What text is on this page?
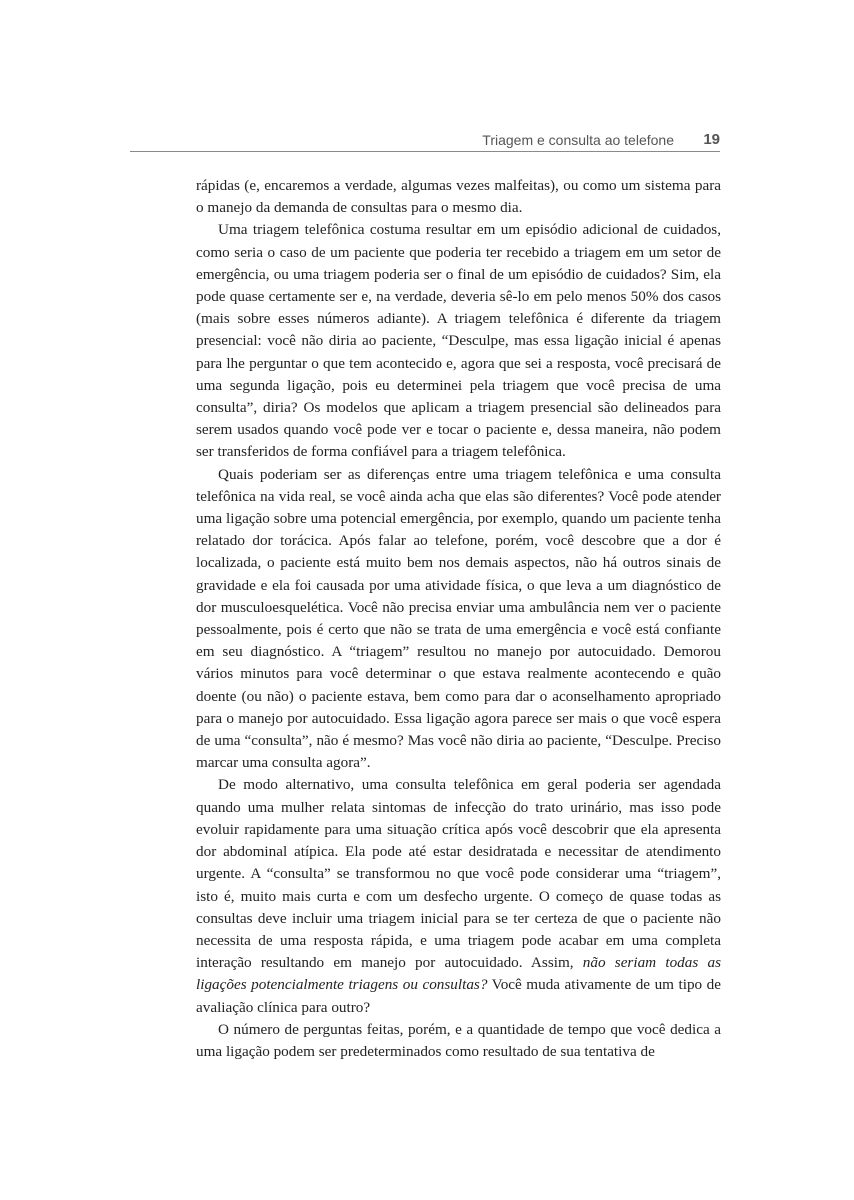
Triagem e consulta ao telefone 19

rápidas (e, encaremos a verdade, algumas vezes malfeitas), ou como um sistema para o manejo da demanda de consultas para o mesmo dia.

Uma triagem telefônica costuma resultar em um episódio adicional de cuidados, como seria o caso de um paciente que poderia ter recebido a triagem em um setor de emergência, ou uma triagem poderia ser o final de um episódio de cuidados? Sim, ela pode quase certamente ser e, na verdade, deveria sê-lo em pelo menos 50% dos casos (mais sobre esses números adiante). A triagem telefônica é diferente da triagem presencial: você não diria ao paciente, “Desculpe, mas essa ligação inicial é apenas para lhe perguntar o que tem acontecido e, agora que sei a resposta, você precisará de uma segunda ligação, pois eu determinei pela triagem que você precisa de uma consulta”, diria? Os modelos que aplicam a triagem presencial são delineados para serem usados quando você pode ver e tocar o paciente e, dessa maneira, não podem ser transferidos de forma confiável para a triagem telefônica.

Quais poderiam ser as diferenças entre uma triagem telefônica e uma consulta telefônica na vida real, se você ainda acha que elas são diferentes? Você pode atender uma ligação sobre uma potencial emergência, por exemplo, quando um paciente tenha relatado dor torácica. Após falar ao telefone, porém, você descobre que a dor é localizada, o paciente está muito bem nos demais aspectos, não há outros sinais de gravidade e ela foi causada por uma atividade física, o que leva a um diagnóstico de dor musculoesquelética. Você não precisa enviar uma ambulância nem ver o paciente pessoalmente, pois é certo que não se trata de uma emergência e você está confiante em seu diagnóstico. A “triagem” resultou no manejo por autocuidado. Demorou vários minutos para você determinar o que estava realmente acontecendo e quão doente (ou não) o paciente estava, bem como para dar o aconselhamento apropriado para o manejo por autocuidado. Essa ligação agora parece ser mais o que você espera de uma “consulta”, não é mesmo? Mas você não diria ao paciente, “Desculpe. Preciso marcar uma consulta agora”.

De modo alternativo, uma consulta telefônica em geral poderia ser agendada quando uma mulher relata sintomas de infecção do trato urinário, mas isso pode evoluir rapidamente para uma situação crítica após você descobrir que ela apresenta dor abdominal atípica. Ela pode até estar desidratada e necessitar de atendimento urgente. A “consulta” se transformou no que você pode considerar uma “triagem”, isto é, muito mais curta e com um desfecho urgente. O começo de quase todas as consultas deve incluir uma triagem inicial para se ter certeza de que o paciente não necessita de uma resposta rápida, e uma triagem pode acabar em uma completa interação resultando em manejo por autocuidado. Assim, não seriam todas as ligações potencialmente triagens ou consultas? Você muda ativamente de um tipo de avaliação clínica para outro?

O número de perguntas feitas, porém, e a quantidade de tempo que você dedica a uma ligação podem ser predeterminados como resultado de sua tentativa de
